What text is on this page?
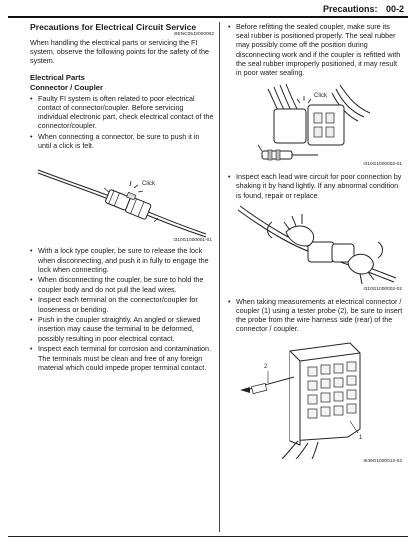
Precautions: 00-2
Precautions for Electrical Circuit Service
BENC05J2000002

When handling the electrical parts or servicing the FI system, observe the following points for the safety of the system.

Electrical Parts
Connector / Coupler
• Faulty FI system is often related to poor electrical contact of connector/coupler. Before servicing individual electronic part, check electrical contact of the connector/coupler.
• When connecting a connector, be sure to push it in until a click is felt.
Click
I310G1000001-01
• With a lock type coupler, be sure to release the lock when disconnecting, and push it in fully to engage the lock when connecting.
• When disconnecting the coupler, be sure to hold the coupler body and do not pull the lead wires.
• Inspect each terminal on the connector/coupler for looseness or bending.
• Push in the coupler straightly. An angled or skewed insertion may cause the terminal to be deformed, possibly resulting in poor electrical contact.
• Inspect each terminal for corrosion and contamination. The terminals must be clean and free of any foreign material which could impede proper terminal contact.
• Before refitting the sealed coupler, make sure its seal rubber is positioned properly. The seal rubber may possibly come off the position during disconnecting work and if the coupler is refitted with the seal rubber improperly positioned, it may result in poor water sealing.
Click
I310G1000002-01
• Inspect each lead wire circuit for poor connection by shaking it by hand lightly. If any abnormal condition is found, repair or replace.
I310G1000002-02
• When taking measurements at electrical connector / coupler (1) using a tester probe (2), be sure to insert the probe from the wire harness side (rear) of the connector / coupler.
2
1
I649G1000012-02
